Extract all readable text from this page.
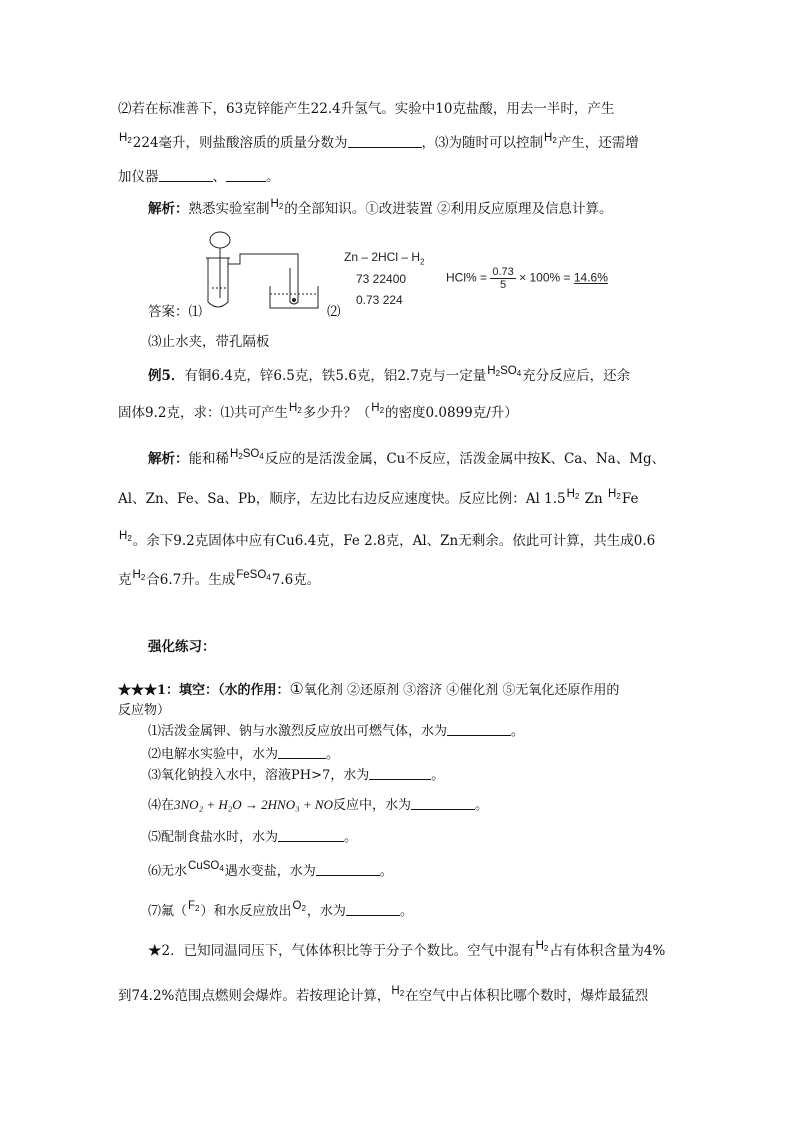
⑵若在标准善下，63克锌能产生22.4升氢气。实验中10克盐酸，用去一半时，产生
$H_2224$毫升，则盐酸溶质的质量分数为	，⑶为随时可以控制$H_2$产生，还需增
加仪器	、	。
解析：熟悉实验室制$H_2$的全部知识。①改进装置 ②利用反应原理及信息计算。
Zn – $2HCl - H_2$
73 22400
0.73 224
$HCl\% = \frac{0.73}{5} \times 100\% = 14.6\%$
答案：⑴	⑵
⑶止水夹，带孔隔板
例5．有铜6.4克，锌6.5克，铁5.6克，铝2.7克与一定量$H_2SO_4$充分反应后，还余
固体9.2克，求：⑴共可产生$H_2$多少升？（$H_2$的密度0.0899克/升）
解析：能和稀$H_2SO_4$反应的是活泼金属，Cu不反应，活泼金属中按K、Ca、Na、Mg、
Al、Zn、Fe、Sa、Pb，顺序，左边比右边反应速度快。反应比例：Al $1.5H_2$ Zn $H_2Fe$
$H_2$。余下9.2克固体中应有Cu6.4克，Fe 2.8克，Al、Zn无剩余。依此可计算，共生成0.6
克$H_2$合6.7升。生成FeSO$_4$7.6克。
强化练习：
★★★1：填空：（水的作用：①氧化剂 ②还原剂 ③溶济 ④催化剂 ⑤无氧化还原作用的
反应物）
⑴活泼金属钾、钠与水激烈反应放出可燃气体，水为	。
⑵电解水实验中，水为	。
⑶氧化钠投入水中，溶液PH>7，水为	。
⑷在3NO₂ + H₂O → 2HNO₃ + NO反应中，水为	。
⑸配制食盐水时，水为	。
⑹无水CuSO$_4$遇水变盐，水为	。
⑺氟$(F_2)$和水反应放出$O_2$，水为	。
★2．已知同温同压下，气体体积比等于分子个数比。空气中混有$H_2$占有体积含量为4%
到74.2%范围点燃则会爆炸。若按理论计算，$H_2$在空气中占体积比哪个数时，爆炸最猛烈
